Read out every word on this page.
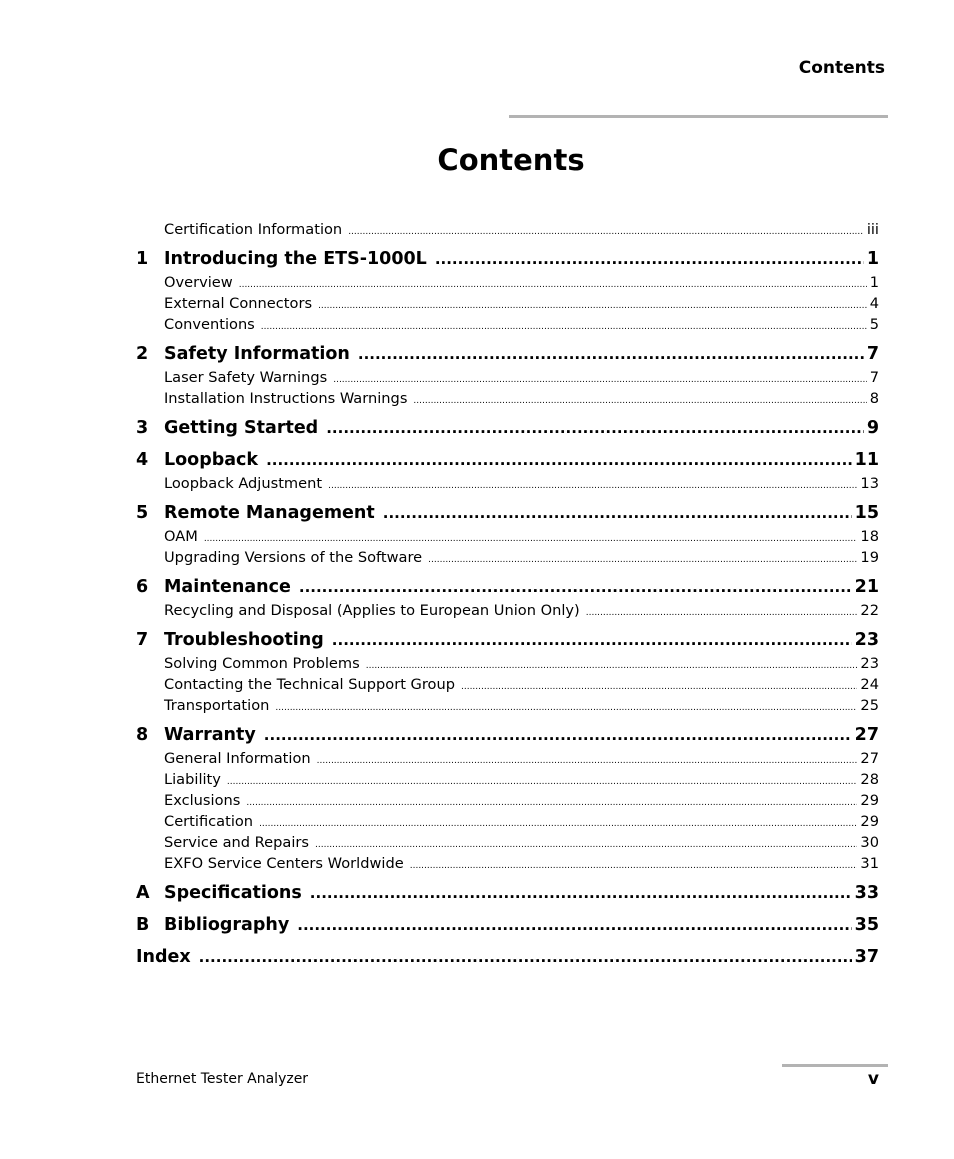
Contents
Contents
Certification Information .....	iii
1 Introducing the ETS-1000L .....	1
Overview .....	1
External Connectors .....	4
Conventions .....	5
2 Safety Information .....	7
Laser Safety Warnings .....	7
Installation Instructions Warnings .....	8
3 Getting Started .....	9
4 Loopback .....	11
Loopback Adjustment .....	13
5 Remote Management .....	15
OAM .....	18
Upgrading Versions of the Software .....	19
6 Maintenance .....	21
Recycling and Disposal (Applies to European Union Only) .....	22
7 Troubleshooting .....	23
Solving Common Problems .....	23
Contacting the Technical Support Group .....	24
Transportation .....	25
8 Warranty .....	27
General Information .....	27
Liability .....	28
Exclusions .....	29
Certification .....	29
Service and Repairs .....	30
EXFO Service Centers Worldwide .....	31
A Specifications .....	33
B Bibliography .....	35
Index .....	37
Ethernet Tester Analyzer	v
